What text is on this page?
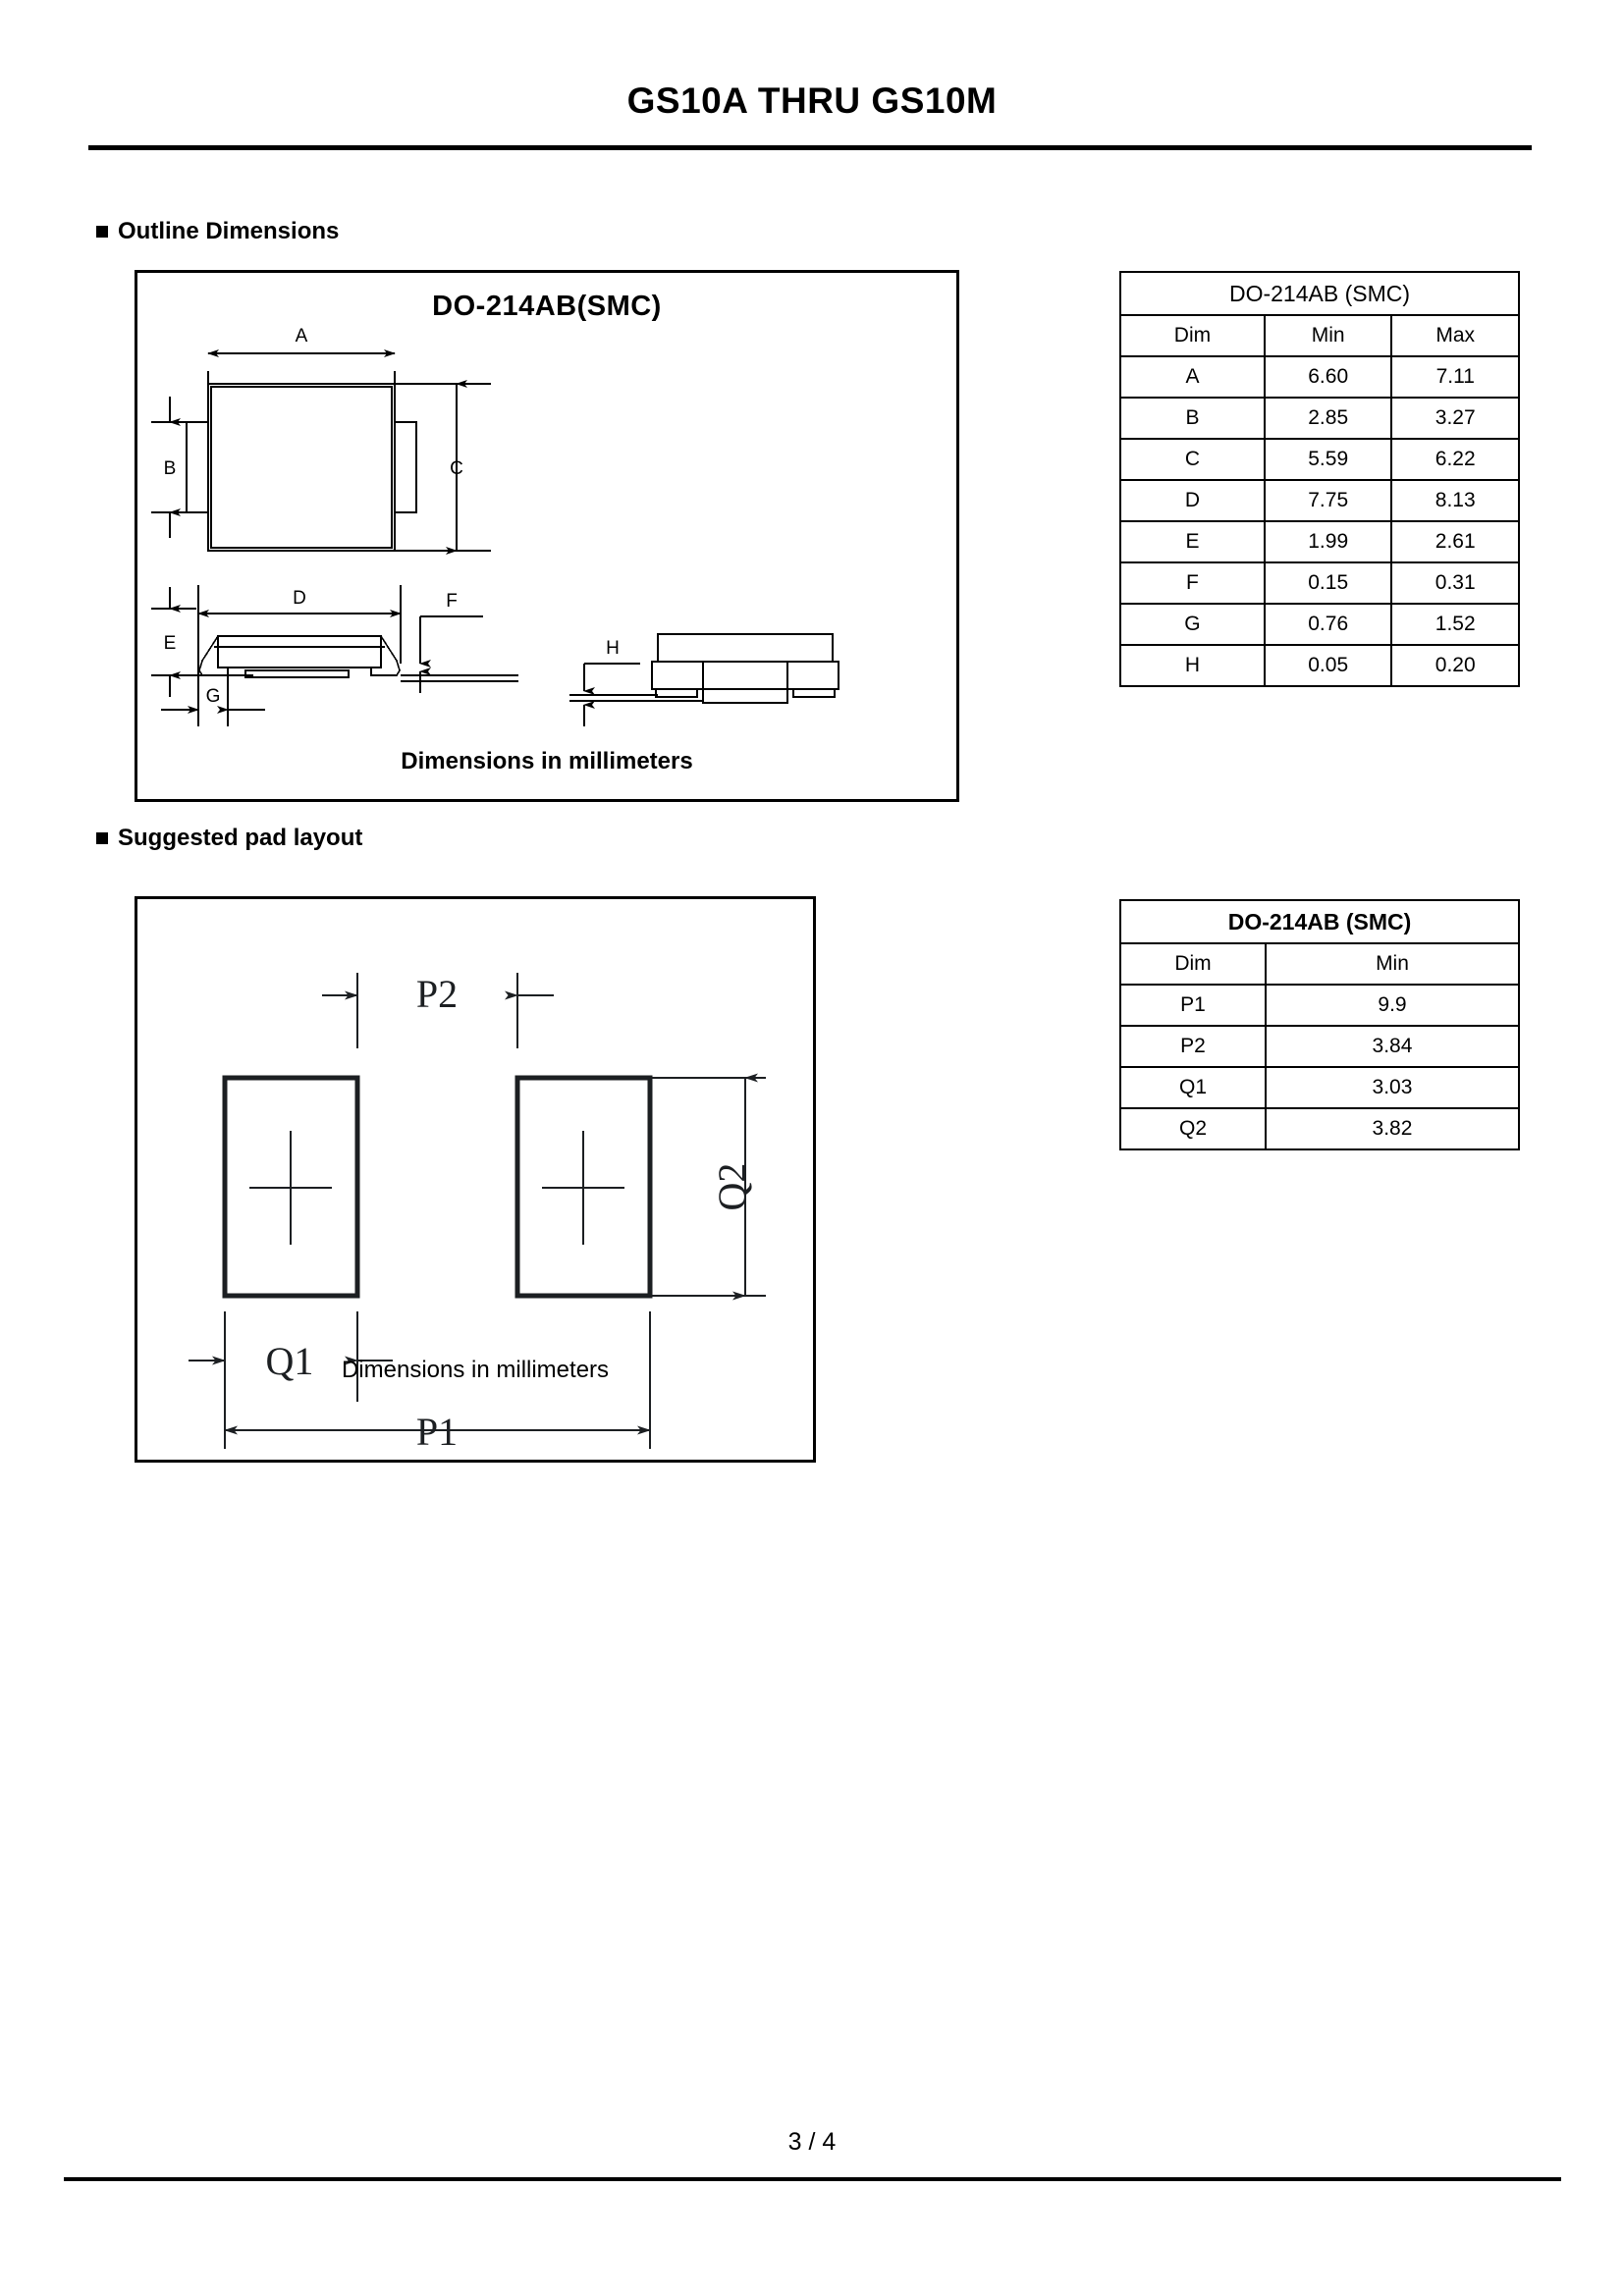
GS10A THRU GS10M
Outline Dimensions
DO-214AB(SMC)
A
B	C
D
E
F
G
H
Dimensions in millimeters
DO-214AB (SMC)		
Dim	Min	Max
A	6.60	7.11
B	2.85	3.27
C	5.59	6.22
D	7.75	8.13
E	1.99	2.61
F	0.15	0.31
G	0.76	1.52
H	0.05	0.20
Suggested pad layout
P2
Q1
P1
Q2
Dimensions in millimeters
DO-214AB (SMC)	
Dim	Min
P1	9.9
P2	3.84
Q1	3.03
Q2	3.82
3 / 4
